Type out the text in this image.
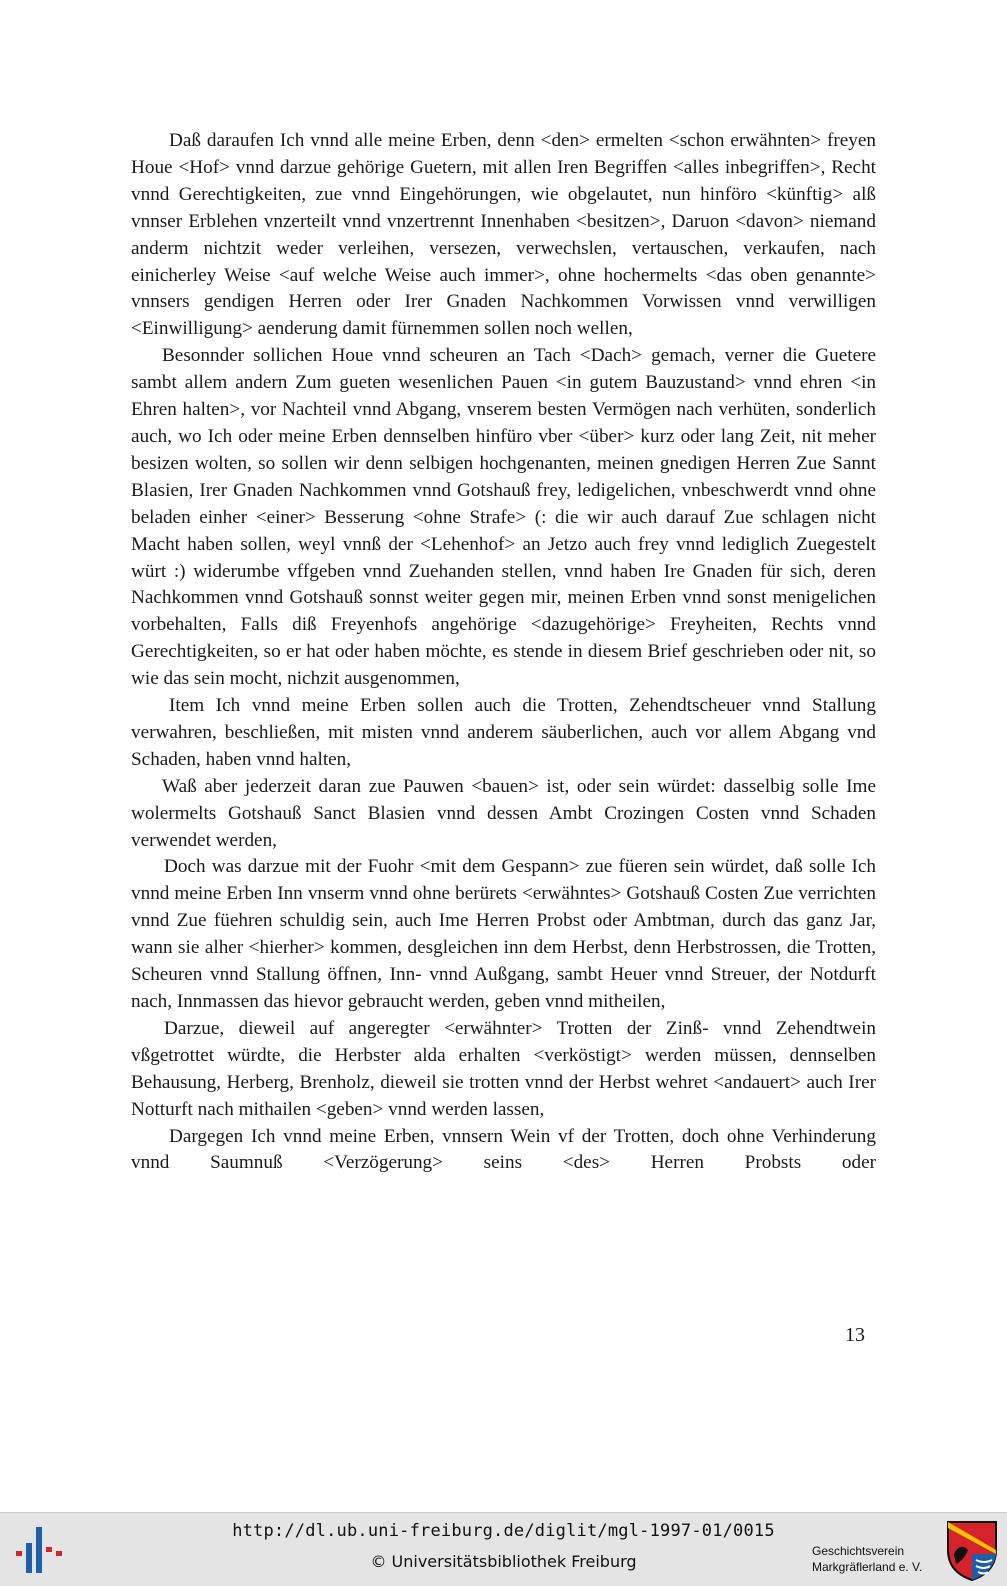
Daß daraufen Ich vnnd alle meine Erben, denn <den> ermelten <schon erwähnten> freyen Houe <Hof> vnnd darzue gehörige Guetern, mit allen Iren Begriffen <alles inbegriffen>, Recht vnnd Gerechtigkeiten, zue vnnd Eingehörungen, wie obgelautet, nun hinföro <künftig> alß vnnser Erblehen vnzerteilt vnnd vnzertrennt Innenhaben <besitzen>, Daruon <davon> niemand anderm nichtzit weder verleihen, versezen, verwechslen, vertauschen, verkaufen, nach einicherley Weise <auf welche Weise auch immer>, ohne hochermelts <das oben genannte> vnnsers gendigen Herren oder Irer Gnaden Nachkommen Vorwissen vnnd verwilligen <Einwilligung> aenderung damit fürnemmen sollen noch wellen,

Besonnder sollichen Houe vnnd scheuren an Tach <Dach> gemach, verner die Guetere sambt allem andern Zum gueten wesenlichen Pauen <in gutem Bauzustand> vnnd ehren <in Ehren halten>, vor Nachteil vnnd Abgang, vnserem besten Vermögen nach verhüten, sonderlich auch, wo Ich oder meine Erben dennselben hinfüro vber <über> kurz oder lang Zeit, nit meher besizen wolten, so sollen wir denn selbigen hochgenanten, meinen gnedigen Herren Zue Sannt Blasien, Irer Gnaden Nachkommen vnnd Gotshauß frey, ledigelichen, vnbeschwerdt vnnd ohne beladen einher <einer> Besserung <ohne Strafe> (: die wir auch darauf Zue schlagen nicht Macht haben sollen, weyl vnnß der <Lehenhof> an Jetzo auch frey vnnd lediglich Zuegestelt würt :) widerumbe vffgeben vnnd Zuehanden stellen, vnnd haben Ire Gnaden für sich, deren Nachkommen vnnd Gotshauß sonnst weiter gegen mir, meinen Erben vnnd sonst menigelichen vorbehalten, Falls diß Freyenhofs angehörige <dazugehörige> Freyheiten, Rechts vnnd Gerechtigkeiten, so er hat oder haben möchte, es stende in diesem Brief geschrieben oder nit, so wie das sein mocht, nichzit ausgenommen,

Item Ich vnnd meine Erben sollen auch die Trotten, Zehendtscheuer vnnd Stallung verwahren, beschließen, mit misten vnnd anderem säuberlichen, auch vor allem Abgang vnd Schaden, haben vnnd halten,

Waß aber jederzeit daran zue Pauwen <bauen> ist, oder sein würdet: dasselbig solle Ime wolermelts Gotshauß Sanct Blasien vnnd dessen Ambt Crozingen Costen vnnd Schaden verwendet werden,

Doch was darzue mit der Fuohr <mit dem Gespann> zue füeren sein würdet, daß solle Ich vnnd meine Erben Inn vnserm vnnd ohne berürets <erwähntes> Gotshauß Costen Zue verrichten vnnd Zue füehren schuldig sein, auch Ime Herren Probst oder Ambtman, durch das ganz Jar, wann sie alher <hierher> kommen, desgleichen inn dem Herbst, denn Herbstrossen, die Trotten, Scheuren vnnd Stallung öffnen, Inn- vnnd Außgang, sambt Heuer vnnd Streuer, der Notdurft nach, Innmassen das hievor gebraucht werden, geben vnnd mitheilen,

Darzue, dieweil auf angeregter <erwähnter> Trotten der Zinß- vnnd Zehendtwein vßgetrottet würdte, die Herbster alda erhalten <verköstigt> werden müssen, dennselben Behausung, Herberg, Brenholz, dieweil sie trotten vnnd der Herbst wehret <andauert> auch Irer Notturft nach mithailen <geben> vnnd werden lassen,

Dargegen Ich vnnd meine Erben, vnnsern Wein vf der Trotten, doch ohne Verhinderung vnnd Saumnuß <Verzögerung> seins <des> Herren Probsts oder

13
http://dl.ub.uni-freiburg.de/diglit/mgl-1997-01/0015
© Universitätsbibliothek Freiburg
Geschichtsverein
Markgräflerland e. V.
